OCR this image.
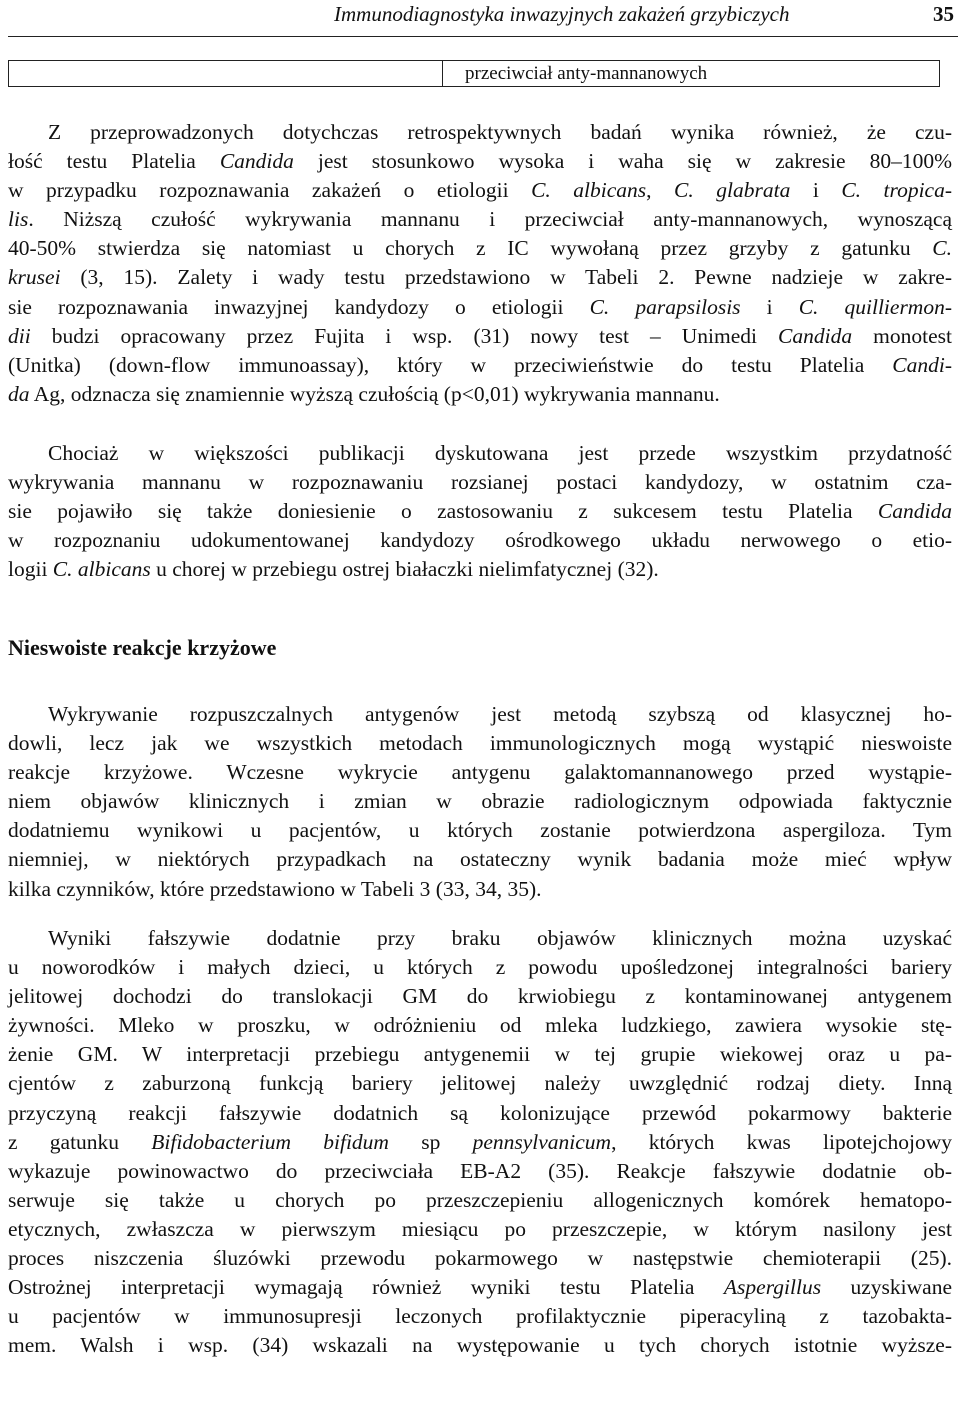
Immunodiagnostyka inwazyjnych zakażeń grzybiczych	35
przeciwciał anty-mannanowych
Z przeprowadzonych dotychczas retrospektywnych badań wynika również, że czu-
łość testu Platelia Candida jest stosunkowo wysoka i waha się w zakresie 80‒100%
w przypadku rozpoznawania zakażeń o etiologii C. albicans, C. glabrata i C. tropica-
lis. Niższą czułość wykrywania mannanu i przeciwciał anty-mannanowych, wynoszącą
40-50% stwierdza się natomiast u chorych z IC wywołaną przez grzyby z gatunku C.
krusei (3, 15). Zalety i wady testu przedstawiono w Tabeli 2. Pewne nadzieje w zakre-
sie rozpoznawania inwazyjnej kandydozy o etiologii C. parapsilosis i C. quilliermon-
dii budzi opracowany przez Fujita i wsp. (31) nowy test ‒ Unimedi Candida monotest
(Unitka) (down-flow immunoassay), który w przeciwieństwie do testu Platelia Candi-
da Ag, odznacza się znamiennie wyższą czułością (p<0,01) wykrywania mannanu.
Chociaż w większości publikacji dyskutowana jest przede wszystkim przydatność
wykrywania mannanu w rozpoznawaniu rozsianej postaci kandydozy, w ostatnim cza-
sie pojawiło się także doniesienie o zastosowaniu z sukcesem testu Platelia Candida
w rozpoznaniu udokumentowanej kandydozy ośrodkowego układu nerwowego o etio-
logii C. albicans u chorej w przebiegu ostrej białaczki nielimfatycznej (32).
Nieswoiste reakcje krzyżowe
Wykrywanie rozpuszczalnych antygenów jest metodą szybszą od klasycznej ho-
dowli, lecz jak we wszystkich metodach immunologicznych mogą wystąpić nieswoiste
reakcje krzyżowe. Wczesne wykrycie antygenu galaktomannanowego przed wystąpie-
niem objawów klinicznych i zmian w obrazie radiologicznym odpowiada faktycznie
dodatniemu wynikowi u pacjentów, u których zostanie potwierdzona aspergiloza. Tym
niemniej, w niektórych przypadkach na ostateczny wynik badania może mieć wpływ
kilka czynników, które przedstawiono w Tabeli 3 (33, 34, 35).
Wyniki fałszywie dodatnie przy braku objawów klinicznych można uzyskać
u noworodków i małych dzieci, u których z powodu upośledzonej integralności bariery
jelitowej dochodzi do translokacji GM do krwiobiegu z kontaminowanej antygenem
żywności. Mleko w proszku, w odróżnieniu od mleka ludzkiego, zawiera wysokie stę-
żenie GM. W interpretacji przebiegu antygenemii w tej grupie wiekowej oraz u pa-
cjentów z zaburzoną funkcją bariery jelitowej należy uwzględnić rodzaj diety. Inną
przyczyną reakcji fałszywie dodatnich są kolonizujące przewód pokarmowy bakterie
z gatunku Bifidobacterium bifidum sp pennsylvanicum, których kwas lipotejchojowy
wykazuje powinowactwo do przeciwciała EB-A2 (35). Reakcje fałszywie dodatnie ob-
serwuje się także u chorych po przeszczepieniu allogenicznych komórek hematopo-
etycznych, zwłaszcza w pierwszym miesiącu po przeszczepie, w którym nasilony jest
proces niszczenia śluzówki przewodu pokarmowego w następstwie chemioterapii (25).
Ostrożnej interpretacji wymagają również wyniki testu Platelia Aspergillus uzyskiwane
u pacjentów w immunosupresji leczonych profilaktycznie piperacyliną z tazobakta-
mem. Walsh i wsp. (34) wskazali na występowanie u tych chorych istotnie wyższe-
